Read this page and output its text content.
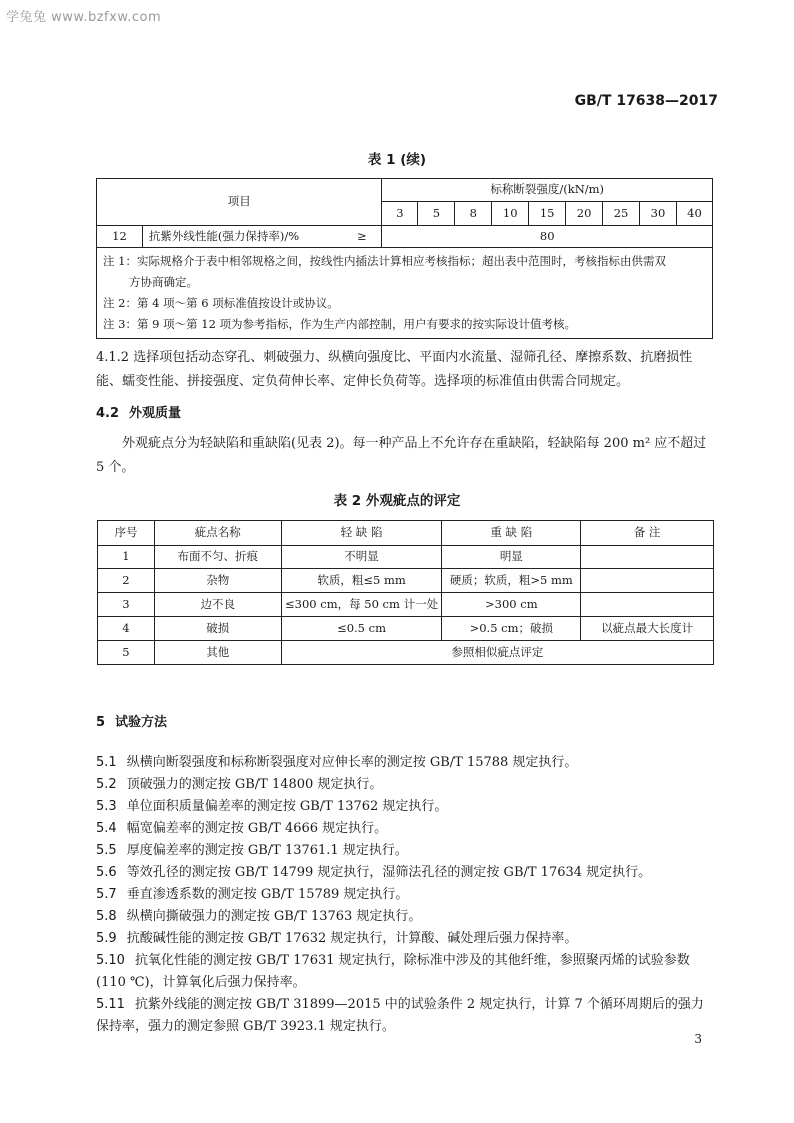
学兔兔 www.bzfxw.com
GB/T 17638—2017
表 1 (续)
项目			标称断裂强度/(kN/m)								
			3	5	8	10	15	20	25	30	40
12	抗紫外线性能(强力保持率)/%	≥	80								

注 1：实际规格介于表中相邻规格之间，按线性内插法计算相应考核指标；超出表中范围时，考核指标由供需双
方协商确定。
注 2：第 4 项～第 6 项标准值按设计或协议。
注 3：第 9 项～第 12 项为参考指标，作为生产内部控制，用户有要求的按实际设计值考核。											
4.1.2 选择项包括动态穿孔、刺破强力、纵横向强度比、平面内水流量、湿筛孔径、摩擦系数、抗磨损性能、蠕变性能、拼接强度、定负荷伸长率、定伸长负荷等。选择项的标准值由供需合同规定。
4.2 外观质量
外观疵点分为轻缺陷和重缺陷(见表 2)。每一种产品上不允许存在重缺陷，轻缺陷每 200 m² 应不超过 5 个。
表 2 外观疵点的评定
序号	疵点名称	轻 缺 陷	重 缺 陷	备 注
1	布面不匀、折痕	不明显	明显	
2	杂物	软质，粗≤5 mm	硬质；软质，粗>5 mm	
3	边不良	≤300 cm，每 50 cm 计一处	>300 cm	
4	破损	≤0.5 cm	>0.5 cm；破损	以疵点最大长度计
5	其他	参照相似疵点评定		
5 试验方法
5.1 纵横向断裂强度和标称断裂强度对应伸长率的测定按 GB/T 15788 规定执行。
5.2 顶破强力的测定按 GB/T 14800 规定执行。
5.3 单位面积质量偏差率的测定按 GB/T 13762 规定执行。
5.4 幅宽偏差率的测定按 GB/T 4666 规定执行。
5.5 厚度偏差率的测定按 GB/T 13761.1 规定执行。
5.6 等效孔径的测定按 GB/T 14799 规定执行，湿筛法孔径的测定按 GB/T 17634 规定执行。
5.7 垂直渗透系数的测定按 GB/T 15789 规定执行。
5.8 纵横向撕破强力的测定按 GB/T 13763 规定执行。
5.9 抗酸碱性能的测定按 GB/T 17632 规定执行，计算酸、碱处理后强力保持率。
5.10 抗氧化性能的测定按 GB/T 17631 规定执行，除标准中涉及的其他纤维，参照聚丙烯的试验参数(110 ℃)，计算氧化后强力保持率。
5.11 抗紫外线能的测定按 GB/T 31899—2015 中的试验条件 2 规定执行，计算 7 个循环周期后的强力保持率，强力的测定参照 GB/T 3923.1 规定执行。
3
